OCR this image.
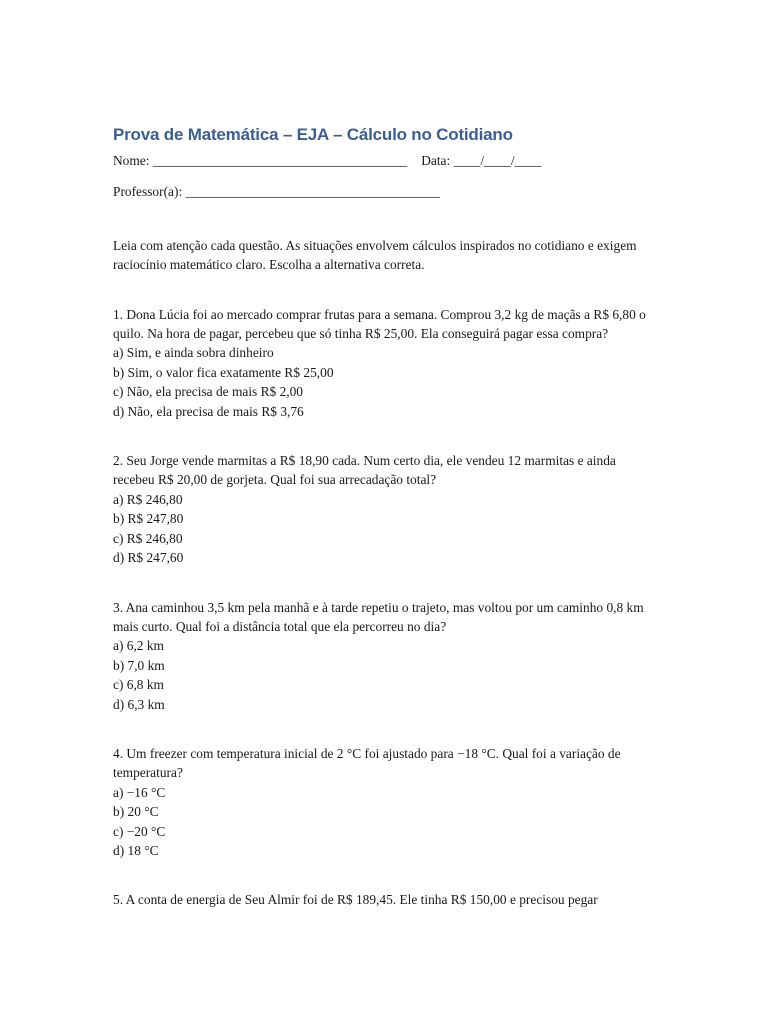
Prova de Matemática – EJA – Cálculo no Cotidiano
Nome: ______________________________________ Data: ____/____/____
Professor(a): ______________________________________

Leia com atenção cada questão. As situações envolvem cálculos inspirados no cotidiano e exigem raciocínio matemático claro. Escolha a alternativa correta.

1. Dona Lúcia foi ao mercado comprar frutas para a semana. Comprou 3,2 kg de maçãs a R$ 6,80 o quilo. Na hora de pagar, percebeu que só tinha R$ 25,00. Ela conseguirá pagar essa compra?

a) Sim, e ainda sobra dinheiro
b) Sim, o valor fica exatamente R$ 25,00
c) Não, ela precisa de mais R$ 2,00
d) Não, ela precisa de mais R$ 3,76

2. Seu Jorge vende marmitas a R$ 18,90 cada. Num certo dia, ele vendeu 12 marmitas e ainda recebeu R$ 20,00 de gorjeta. Qual foi sua arrecadação total?

a) R$ 246,80
b) R$ 247,80
c) R$ 246,80
d) R$ 247,60

3. Ana caminhou 3,5 km pela manhã e à tarde repetiu o trajeto, mas voltou por um caminho 0,8 km mais curto. Qual foi a distância total que ela percorreu no dia?

a) 6,2 km
b) 7,0 km
c) 6,8 km
d) 6,3 km

4. Um freezer com temperatura inicial de 2 °C foi ajustado para −18 °C. Qual foi a variação de temperatura?

a) −16 °C
b) 20 °C
c) −20 °C
d) 18 °C

5. A conta de energia de Seu Almir foi de R$ 189,45. Ele tinha R$ 150,00 e precisou pegar
